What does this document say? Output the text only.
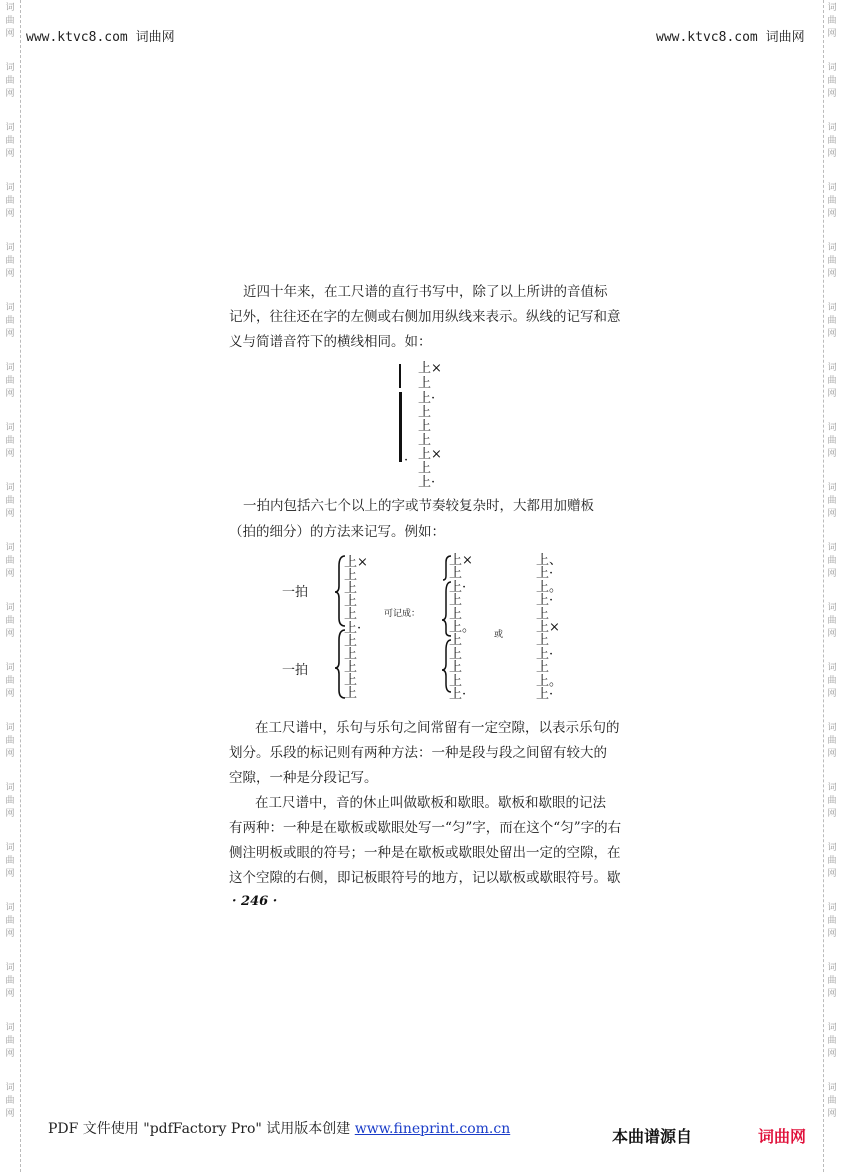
词
曲
网
词
曲
网
词
曲
网
词
曲
网
词
曲
网
词
曲
网
词
曲
网
词
曲
网
词
曲
网
词
曲
网
词
曲
网
词
曲
网
词
曲
网
词
曲
网
词
曲
网
词
曲
网
词
曲
网
词
曲
网
词
曲
网
词
曲
网
词
曲
网
词
曲
网
词
曲
网
词
曲
网
词
曲
网
词
曲
网
词
曲
网
词
曲
网
词
曲
网
词
曲
网
词
曲
网
词
曲
网
词
曲
网
词
曲
网
词
曲
网
词
曲
网
词
曲
网
词
曲
网
www.ktvc8.com 词曲网	www.ktvc8.com 词曲网
近四十年来，在工尺谱的直行书写中，除了以上所讲的音值标
记外，往往还在字的左侧或右侧加用纵线来表示。纵线的记写和意
义与简谱音符下的横线相同。如：
·
上×
上
上·
上
上
上
上×
上
上·
一拍内包括六七个以上的字或节奏较复杂时，大都用加赠板
（拍的细分）的方法来记写。例如：
一拍
一拍
可记成：
或
上×
上
上
上
上
上·
上
上
上
上
上
上×
上
上·
上
上
上。
上
上
上
上
上·
上、
上·
上。
上·
上
上×
上
上·
上
上。
上·
在工尺谱中，乐句与乐句之间常留有一定空隙，以表示乐句的
划分。乐段的标记则有两种方法：一种是段与段之间留有较大的
空隙，一种是分段记写。
在工尺谱中，音的休止叫做歇板和歇眼。歇板和歇眼的记法
有两种：一种是在歇板或歇眼处写一“匀”字，而在这个“匀”字的右
侧注明板或眼的符号；一种是在歇板或歇眼处留出一定的空隙，在
这个空隙的右侧，即记板眼符号的地方，记以歇板或歇眼符号。歇
· 246 ·
PDF 文件使用 "pdfFactory Pro" 试用版本创建 www.fineprint.com.cn	本曲谱源自	词曲网
